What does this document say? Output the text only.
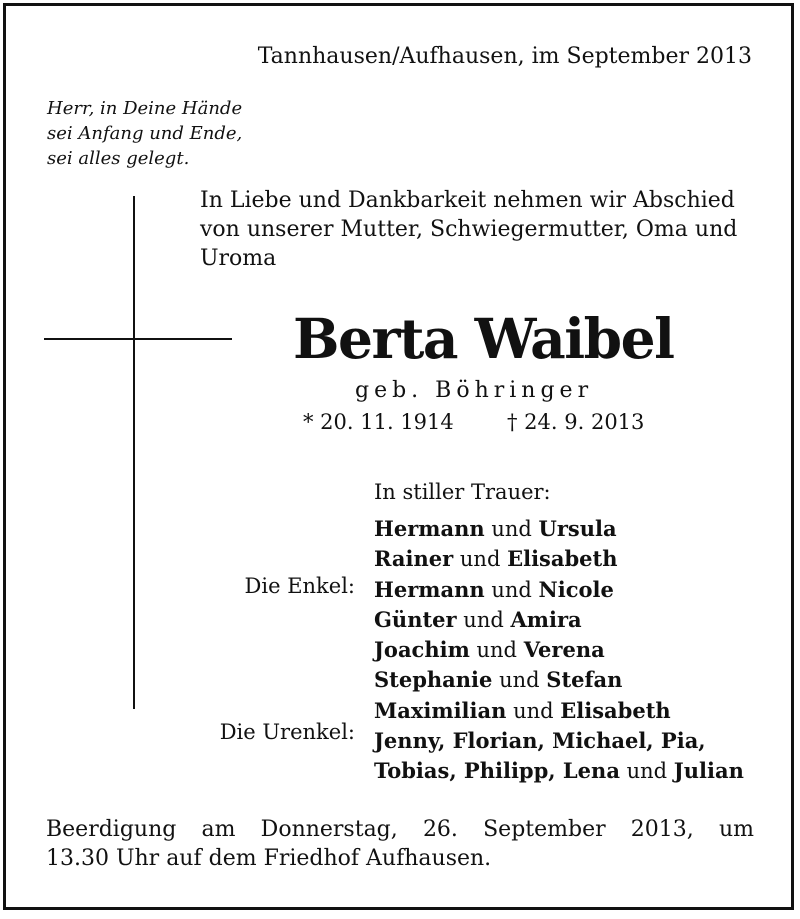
Tannhausen/Aufhausen, im September 2013
Herr, in Deine Hände
sei Anfang und Ende,
sei alles gelegt.
In Liebe und Dankbarkeit nehmen wir Abschied
von unserer Mutter, Schwiegermutter, Oma und
Uroma
Berta Waibel
geb. Böhringer
* 20. 11. 1914	† 24. 9. 2013
In stiller Trauer:
Die Enkel:
Die Urenkel:
Hermann und Ursula
Rainer und Elisabeth
Hermann und Nicole
Günter und Amira
Joachim und Verena
Stephanie und Stefan
Maximilian und Elisabeth
Jenny, Florian, Michael, Pia,
Tobias, Philipp, Lena und Julian
Beerdigung am Donnerstag, 26. September 2013, um
13.30 Uhr auf dem Friedhof Aufhausen.
